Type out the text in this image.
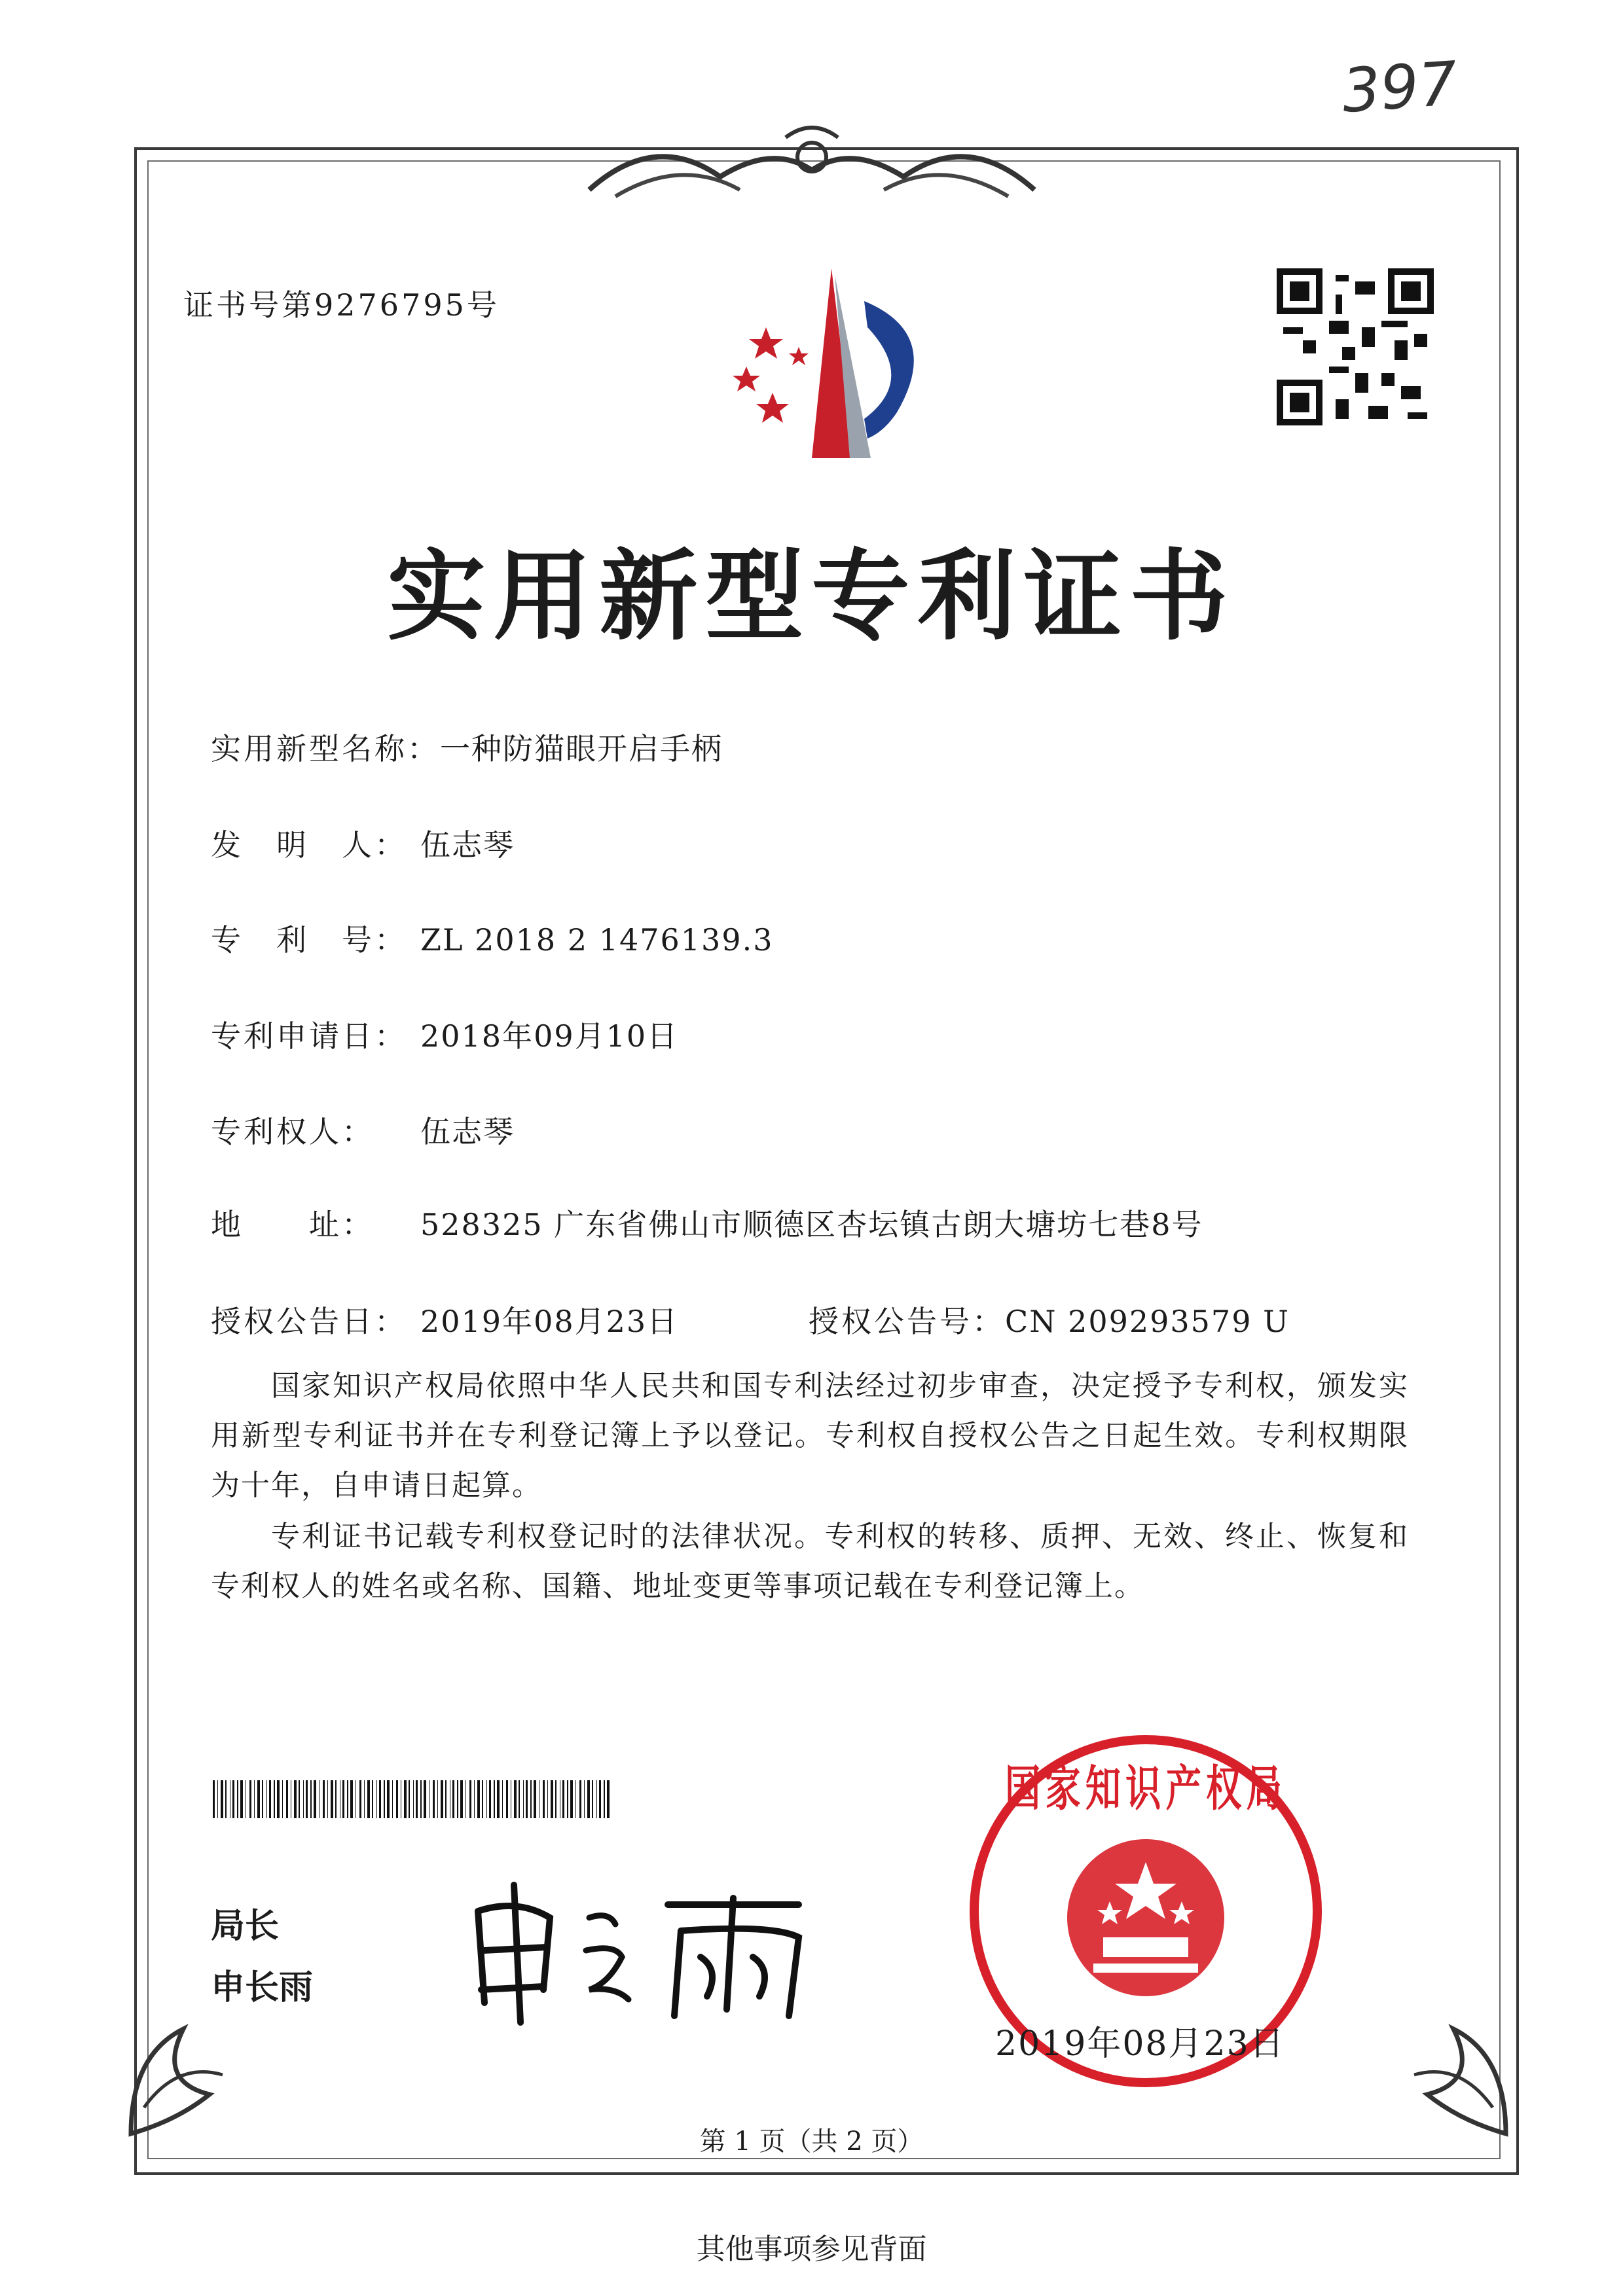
397
证书号第9276795号
实用新型专利证书
实用新型名称：一种防猫眼开启手柄
发　明　人： 伍志琴
专　利　号： ZL 2018 2 1476139.3
专利申请日： 2018年09月10日
专利权人： 伍志琴
地　　址： 528325 广东省佛山市顺德区杏坛镇古朗大塘坊七巷8号
授权公告日： 2019年08月23日	授权公告号：CN 209293579 U
国家知识产权局依照中华人民共和国专利法经过初步审查，决定授予专利权，颁发实用新型专利证书并在专利登记簿上予以登记。专利权自授权公告之日起生效。专利权期限为十年，自申请日起算。
专利证书记载专利权登记时的法律状况。专利权的转移、质押、无效、终止、恢复和专利权人的姓名或名称、国籍、地址变更等事项记载在专利登记簿上。
局长
申长雨
国家知识产权局
2019年08月23日
第 1 页（共 2 页）
其他事项参见背面
